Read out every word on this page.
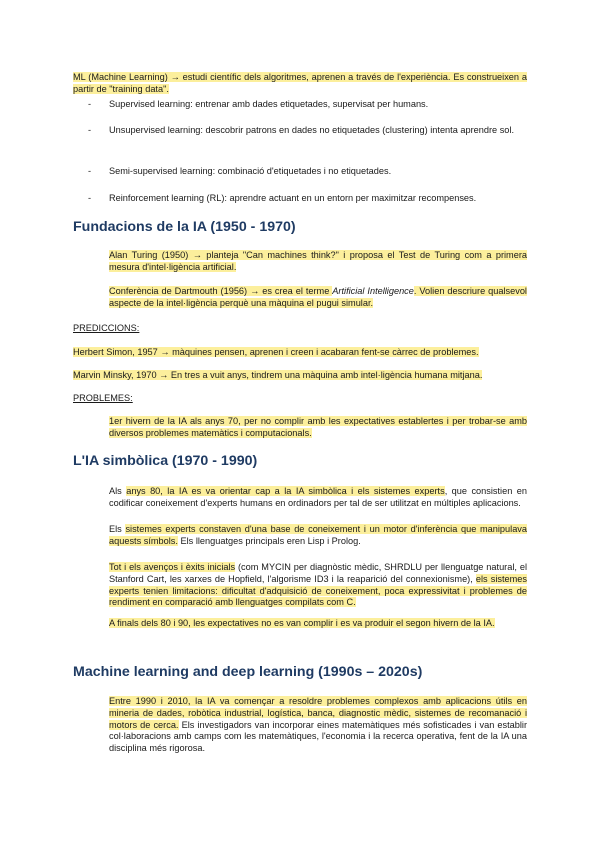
ML (Machine Learning) → estudi científic dels algoritmes, aprenen a través de l'experiència. Es construeixen a partir de "training data".

- Supervised learning: entrenar amb dades etiquetades, supervisat per humans.

- Unsupervised learning: descobrir patrons en dades no etiquetades (clustering) intenta aprendre sol.

- Semi-supervised learning: combinació d'etiquetades i no etiquetades.

- Reinforcement learning (RL): aprendre actuant en un entorn per maximitzar recompenses.

Fundacions de la IA (1950 - 1970)

Alan Turing (1950) → planteja "Can machines think?" i proposa el Test de Turing com a primera mesura d'intel·ligència artificial.

Conferència de Dartmouth (1956) → es crea el terme Artificial Intelligence. Volien descriure qualsevol aspecte de la intel·ligència perquè una màquina el pugui simular.

PREDICCIONS:

Herbert Simon, 1957 → màquines pensen, aprenen i creen i acabaran fent-se càrrec de problemes.

Marvin Minsky, 1970 → En tres a vuit anys, tindrem una màquina amb intel·ligència humana mitjana.

PROBLEMES:

1er hivern de la IA als anys 70, per no complir amb les expectatives establertes i per trobar-se amb diversos problemes matemàtics i computacionals.

L'IA simbòlica (1970 - 1990)

Als anys 80, la IA es va orientar cap a la IA simbòlica i els sistemes experts, que consistien en codificar coneixement d'experts humans en ordinadors per tal de ser utilitzat en múltiples aplicacions.

Els sistemes experts constaven d'una base de coneixement i un motor d'inferència que manipulava aquests símbols. Els llenguatges principals eren Lisp i Prolog.

Tot i els avenços i èxits inicials (com MYCIN per diagnòstic mèdic, SHRDLU per llenguatge natural, el Stanford Cart, les xarxes de Hopfield, l'algorisme ID3 i la reaparició del connexionisme), els sistemes experts tenien limitacions: dificultat d'adquisició de coneixement, poca expressivitat i problemes de rendiment en comparació amb llenguatges compilats com C.

A finals dels 80 i 90, les expectatives no es van complir i es va produir el segon hivern de la IA.

Machine learning and deep learning (1990s – 2020s)

Entre 1990 i 2010, la IA va començar a resoldre problemes complexos amb aplicacions útils en mineria de dades, robòtica industrial, logística, banca, diagnostic mèdic, sistemes de recomanació i motors de cerca. Els investigadors van incorporar eines matemàtiques més sofisticades i van establir col·laboracions amb camps com les matemàtiques, l'economia i la recerca operativa, fent de la IA una disciplina més rigorosa.
